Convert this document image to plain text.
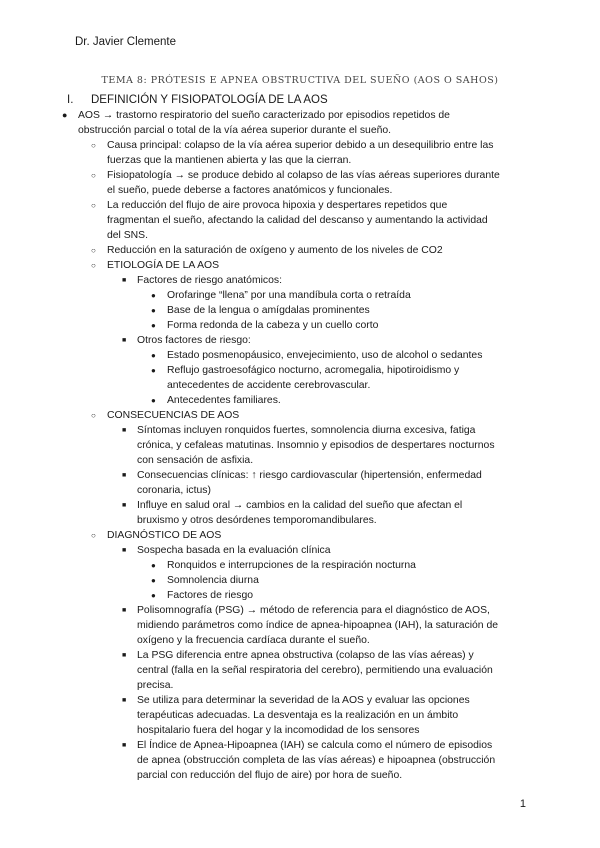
Dr. Javier Clemente
TEMA 8: PRÓTESIS E APNEA OBSTRUCTIVA DEL SUEÑO (AOS O SAHOS)
I. DEFINICIÓN Y FISIOPATOLOGÍA DE LA AOS
● AOS → trastorno respiratorio del sueño caracterizado por episodios repetidos de
obstrucción parcial o total de la vía aérea superior durante el sueño.
○ Causa principal: colapso de la vía aérea superior debido a un desequilibrio entre las
fuerzas que la mantienen abierta y las que la cierran.
○ Fisiopatología → se produce debido al colapso de las vías aéreas superiores durante
el sueño, puede deberse a factores anatómicos y funcionales.
○ La reducción del flujo de aire provoca hipoxia y despertares repetidos que
fragmentan el sueño, afectando la calidad del descanso y aumentando la actividad
del SNS.
○ Reducción en la saturación de oxígeno y aumento de los niveles de CO2
○ ETIOLOGÍA DE LA AOS
■ Factores de riesgo anatómicos:
● Orofaringe “llena” por una mandíbula corta o retraída
● Base de la lengua o amígdalas prominentes
● Forma redonda de la cabeza y un cuello corto
■ Otros factores de riesgo:
● Estado posmenopáusico, envejecimiento, uso de alcohol o sedantes
● Reflujo gastroesofágico nocturno, acromegalia, hipotiroidismo y
antecedentes de accidente cerebrovascular.
● Antecedentes familiares.
○ CONSECUENCIAS DE AOS
■ Síntomas incluyen ronquidos fuertes, somnolencia diurna excesiva, fatiga
crónica, y cefaleas matutinas. Insomnio y episodios de despertares nocturnos
con sensación de asfixia.
■ Consecuencias clínicas: ↑ riesgo cardiovascular (hipertensión, enfermedad
coronaria, ictus)
■ Influye en salud oral → cambios en la calidad del sueño que afectan el
bruxismo y otros desórdenes temporomandibulares.
○ DIAGNÓSTICO DE AOS
■ Sospecha basada en la evaluación clínica
● Ronquidos e interrupciones de la respiración nocturna
● Somnolencia diurna
● Factores de riesgo
■ Polisomnografía (PSG) → método de referencia para el diagnóstico de AOS,
midiendo parámetros como índice de apnea-hipoapnea (IAH), la saturación de
oxígeno y la frecuencia cardíaca durante el sueño.
■ La PSG diferencia entre apnea obstructiva (colapso de las vías aéreas) y
central (falla en la señal respiratoria del cerebro), permitiendo una evaluación
precisa.
■ Se utiliza para determinar la severidad de la AOS y evaluar las opciones
terapéuticas adecuadas. La desventaja es la realización en un ámbito
hospitalario fuera del hogar y la incomodidad de los sensores
■ El Índice de Apnea-Hipoapnea (IAH) se calcula como el número de episodios
de apnea (obstrucción completa de las vías aéreas) e hipoapnea (obstrucción
parcial con reducción del flujo de aire) por hora de sueño.
1
